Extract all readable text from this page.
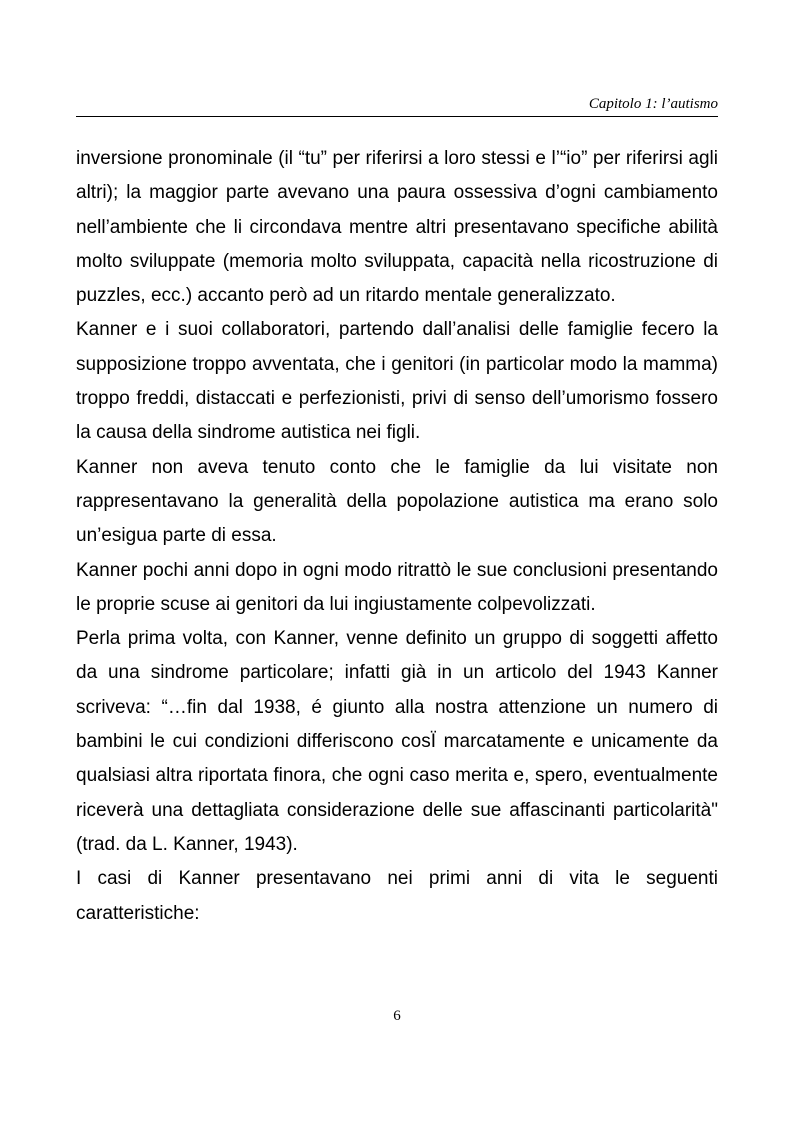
Capitolo 1: l’autismo

inversione pronominale (il “tu” per riferirsi a loro stessi e l’“io” per riferirsi agli altri); la maggior parte avevano una paura ossessiva d’ogni cambiamento nell’ambiente che li circondava mentre altri presentavano specifiche abilità molto sviluppate (memoria molto sviluppata, capacità nella ricostruzione di puzzles, ecc.) accanto però ad un ritardo mentale generalizzato.

Kanner e i suoi collaboratori, partendo dall’analisi delle famiglie fecero la supposizione troppo avventata, che i genitori (in particolar modo la mamma) troppo freddi, distaccati e perfezionisti, privi di senso dell’umorismo fossero la causa della sindrome autistica nei figli.

Kanner non aveva tenuto conto che le famiglie da lui visitate non rappresentavano la generalità della popolazione autistica ma erano solo un’esigua parte di essa.

Kanner pochi anni dopo in ogni modo ritrattò le sue conclusioni presentando le proprie scuse ai genitori da lui ingiustamente colpevolizzati.

Perla prima volta, con Kanner, venne definito un gruppo di soggetti affetto da una sindrome particolare; infatti già in un articolo del 1943 Kanner scriveva: “…fin dal 1938, é giunto alla nostra attenzione un numero di bambini le cui condizioni differiscono cosÏ marcatamente e unicamente da qualsiasi altra riportata finora, che ogni caso merita e, spero, eventualmente riceverà una dettagliata considerazione delle sue affascinanti particolarità" (trad. da L. Kanner, 1943).

I casi di Kanner presentavano nei primi anni di vita le seguenti caratteristiche:

6
